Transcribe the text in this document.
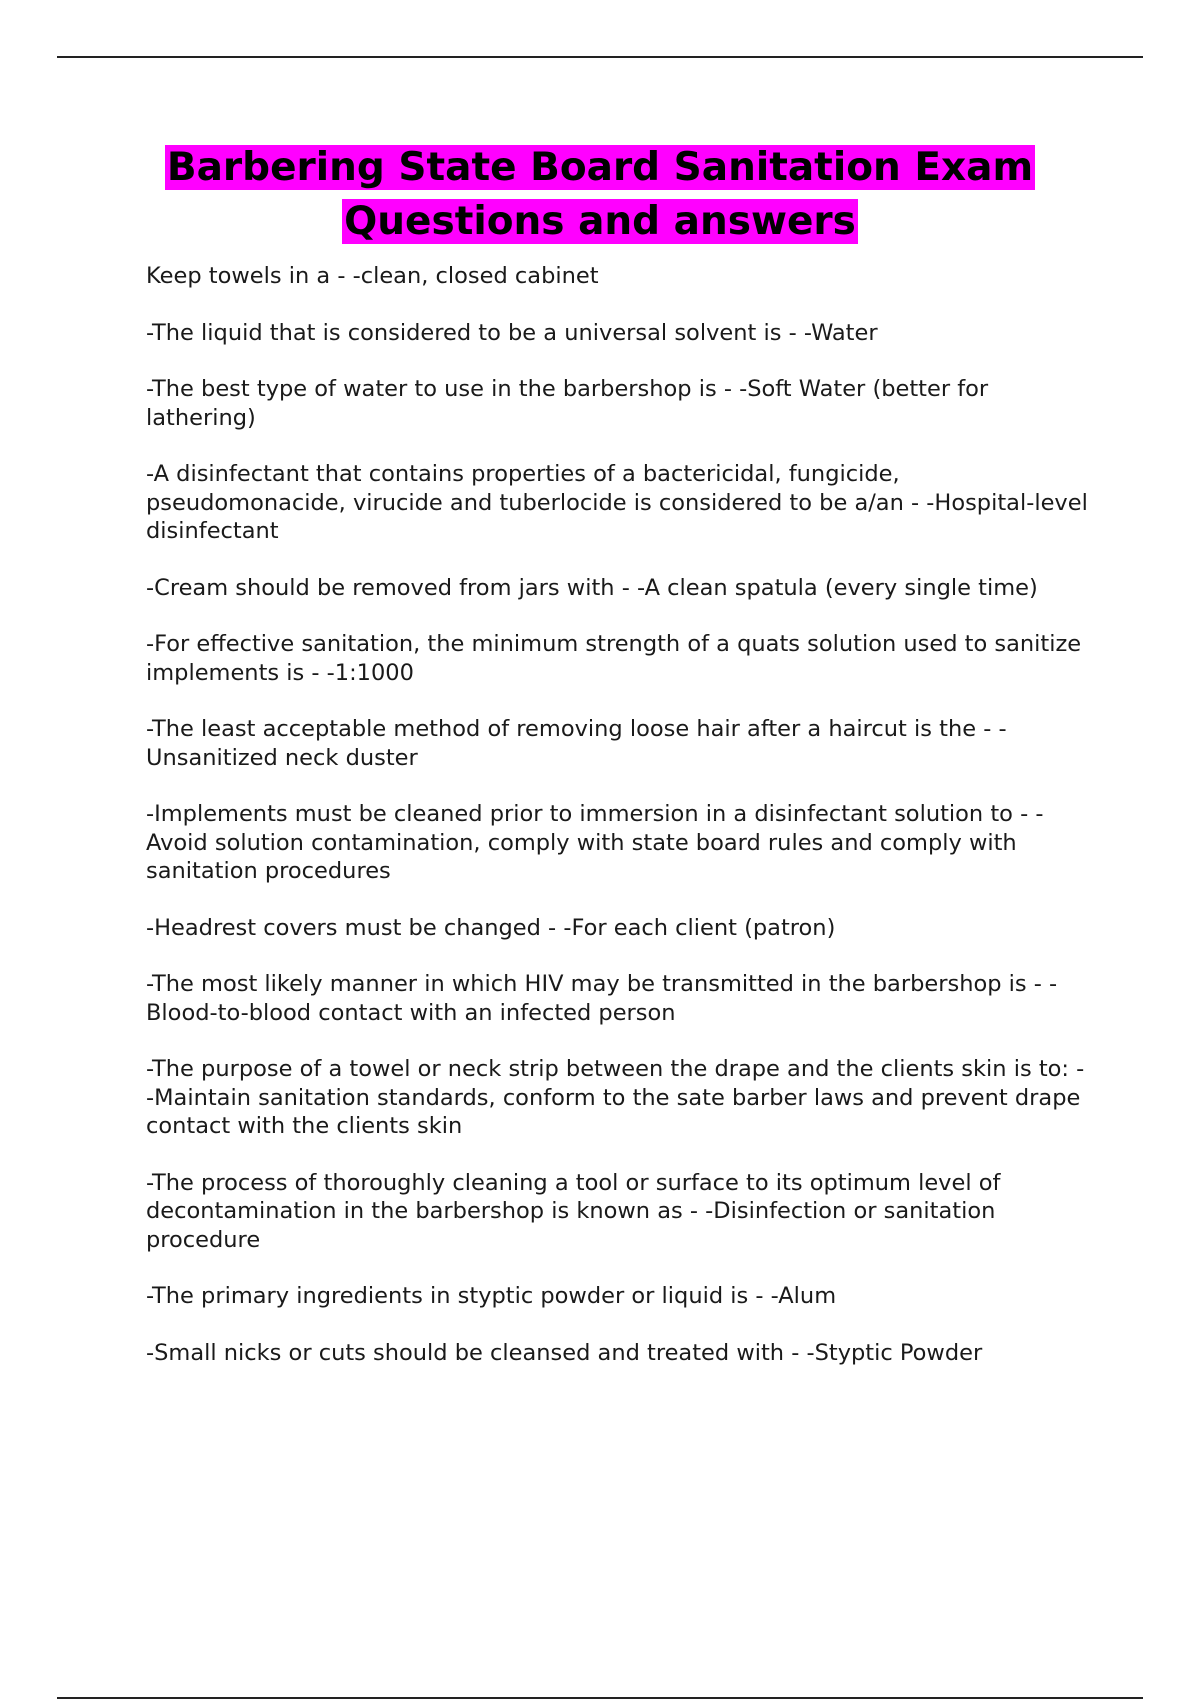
Barbering State Board Sanitation Exam
Questions and answers
Keep towels in a - -clean, closed cabinet
-The liquid that is considered to be a universal solvent is - -Water
-The best type of water to use in the barbershop is - -Soft Water (better for lathering)
-A disinfectant that contains properties of a bactericidal, fungicide, pseudomonacide, virucide and tuberlocide is considered to be a/an - -Hospital-level disinfectant
-Cream should be removed from jars with - -A clean spatula (every single time)
-For effective sanitation, the minimum strength of a quats solution used to sanitize implements is - -1:1000
-The least acceptable method of removing loose hair after a haircut is the - -Unsanitized neck duster
-Implements must be cleaned prior to immersion in a disinfectant solution to - -Avoid solution contamination, comply with state board rules and comply with sanitation procedures
-Headrest covers must be changed - -For each client (patron)
-The most likely manner in which HIV may be transmitted in the barbershop is - -Blood-to-blood contact with an infected person
-The purpose of a towel or neck strip between the drape and the clients skin is to: - -Maintain sanitation standards, conform to the sate barber laws and prevent drape contact with the clients skin
-The process of thoroughly cleaning a tool or surface to its optimum level of decontamination in the barbershop is known as - -Disinfection or sanitation procedure
-The primary ingredients in styptic powder or liquid is - -Alum
-Small nicks or cuts should be cleansed and treated with - -Styptic Powder
